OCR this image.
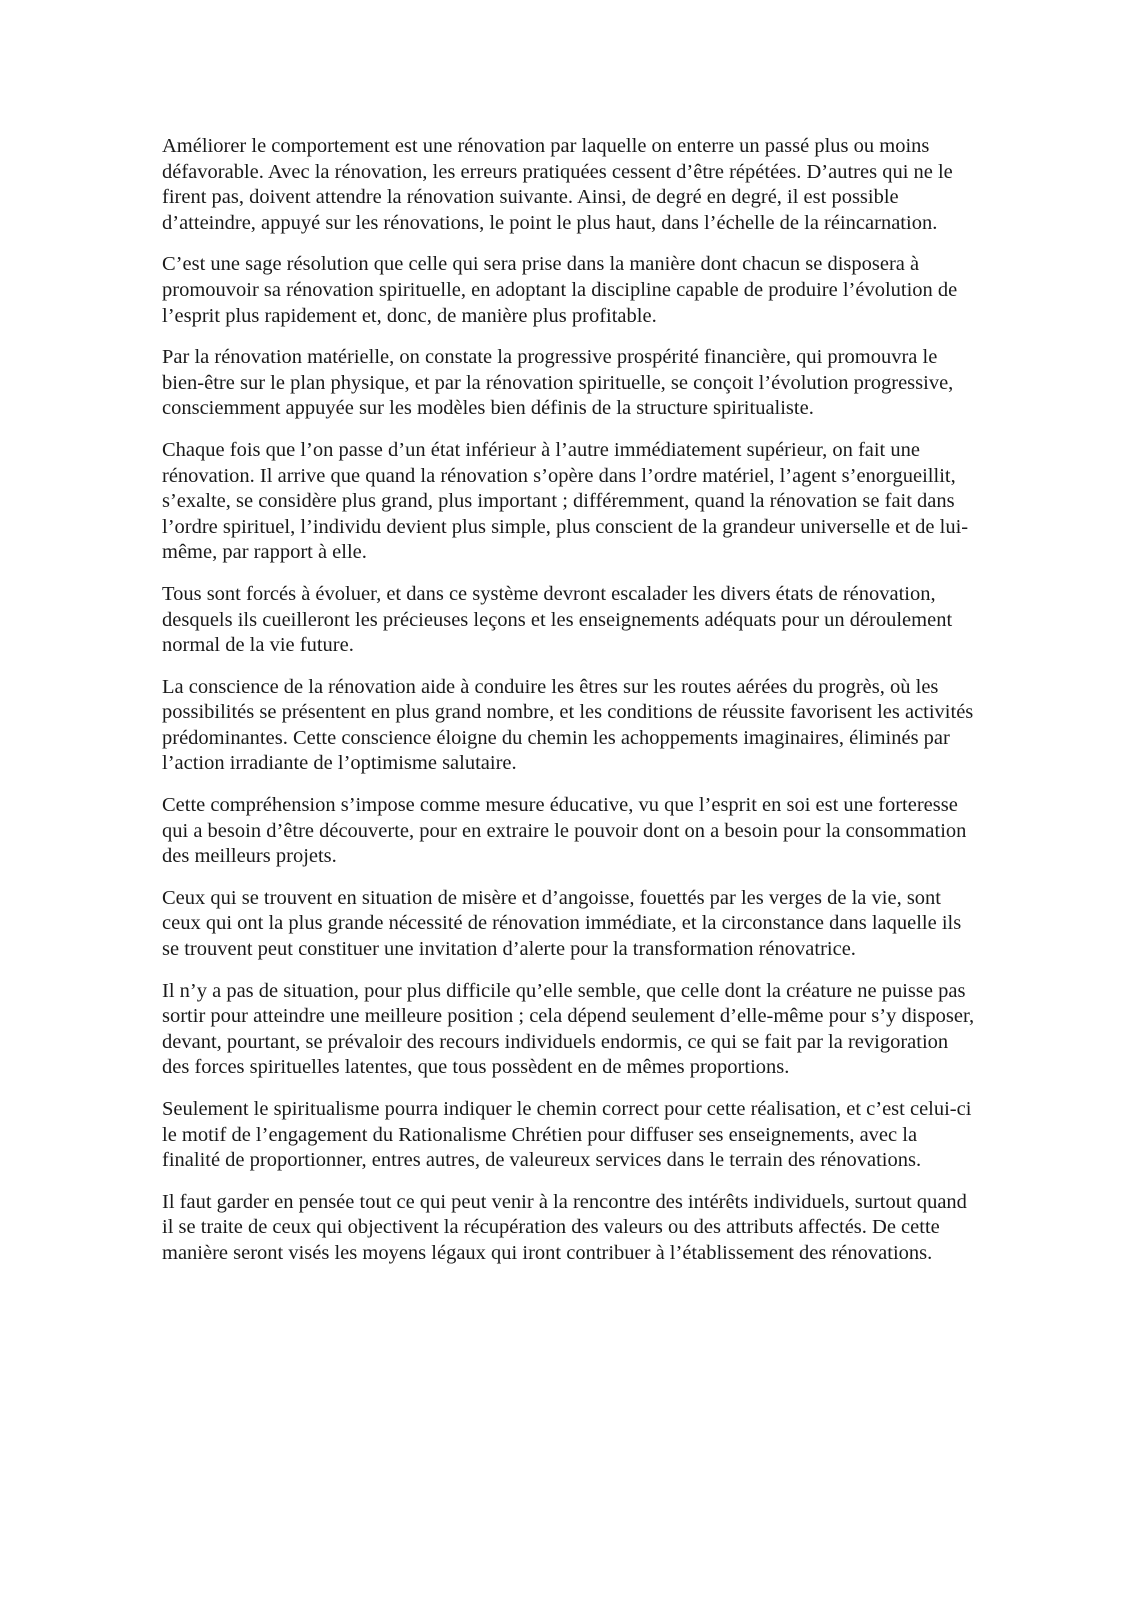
Améliorer le comportement est une rénovation par laquelle on enterre un passé plus ou moins défavorable. Avec la rénovation, les erreurs pratiquées cessent d’être répétées. D’autres qui ne le firent pas, doivent attendre la rénovation suivante. Ainsi, de degré en degré, il est possible d’atteindre, appuyé sur les rénovations, le point le plus haut, dans l’échelle de la réincarnation.

C’est une sage résolution que celle qui sera prise dans la manière dont chacun se disposera à promouvoir sa rénovation spirituelle, en adoptant la discipline capable de produire l’évolution de l’esprit plus rapidement et, donc, de manière plus profitable.

Par la rénovation matérielle, on constate la progressive prospérité financière, qui promouvra le bien-être sur le plan physique, et par la rénovation spirituelle, se conçoit l’évolution progressive, consciemment appuyée sur les modèles bien définis de la structure spiritualiste.

Chaque fois que l’on passe d’un état inférieur à l’autre immédiatement supérieur, on fait une rénovation. Il arrive que quand la rénovation s’opère dans l’ordre matériel, l’agent s’enorgueillit, s’exalte, se considère plus grand, plus important ; différemment, quand la rénovation se fait dans l’ordre spirituel, l’individu devient plus simple, plus conscient de la grandeur universelle et de lui-même, par rapport à elle.

Tous sont forcés à évoluer, et dans ce système devront escalader les divers états de rénovation, desquels ils cueilleront les précieuses leçons et les enseignements adéquats pour un déroulement normal de la vie future.

La conscience de la rénovation aide à conduire les êtres sur les routes aérées du progrès, où les possibilités se présentent en plus grand nombre, et les conditions de réussite favorisent les activités prédominantes. Cette conscience éloigne du chemin les achoppements imaginaires, éliminés par l’action irradiante de l’optimisme salutaire.

Cette compréhension s’impose comme mesure éducative, vu que l’esprit en soi est une forteresse qui a besoin d’être découverte, pour en extraire le pouvoir dont on a besoin pour la consommation des meilleurs projets.

Ceux qui se trouvent en situation de misère et d’angoisse, fouettés par les verges de la vie, sont ceux qui ont la plus grande nécessité de rénovation immédiate, et la circonstance dans laquelle ils se trouvent peut constituer une invitation d’alerte pour la transformation rénovatrice.

Il n’y a pas de situation, pour plus difficile qu’elle semble, que celle dont la créature ne puisse pas sortir pour atteindre une meilleure position ; cela dépend seulement d’elle-même pour s’y disposer, devant, pourtant, se prévaloir des recours individuels endormis, ce qui se fait par la revigoration des forces spirituelles latentes, que tous possèdent en de mêmes proportions.

Seulement le spiritualisme pourra indiquer le chemin correct pour cette réalisation, et c’est celui-ci le motif de l’engagement du Rationalisme Chrétien pour diffuser ses enseignements, avec la finalité de proportionner, entres autres, de valeureux services dans le terrain des rénovations.

Il faut garder en pensée tout ce qui peut venir à la rencontre des intérêts individuels, surtout quand il se traite de ceux qui objectivent la récupération des valeurs ou des attributs affectés. De cette manière seront visés les moyens légaux qui iront contribuer à l’établissement des rénovations.
